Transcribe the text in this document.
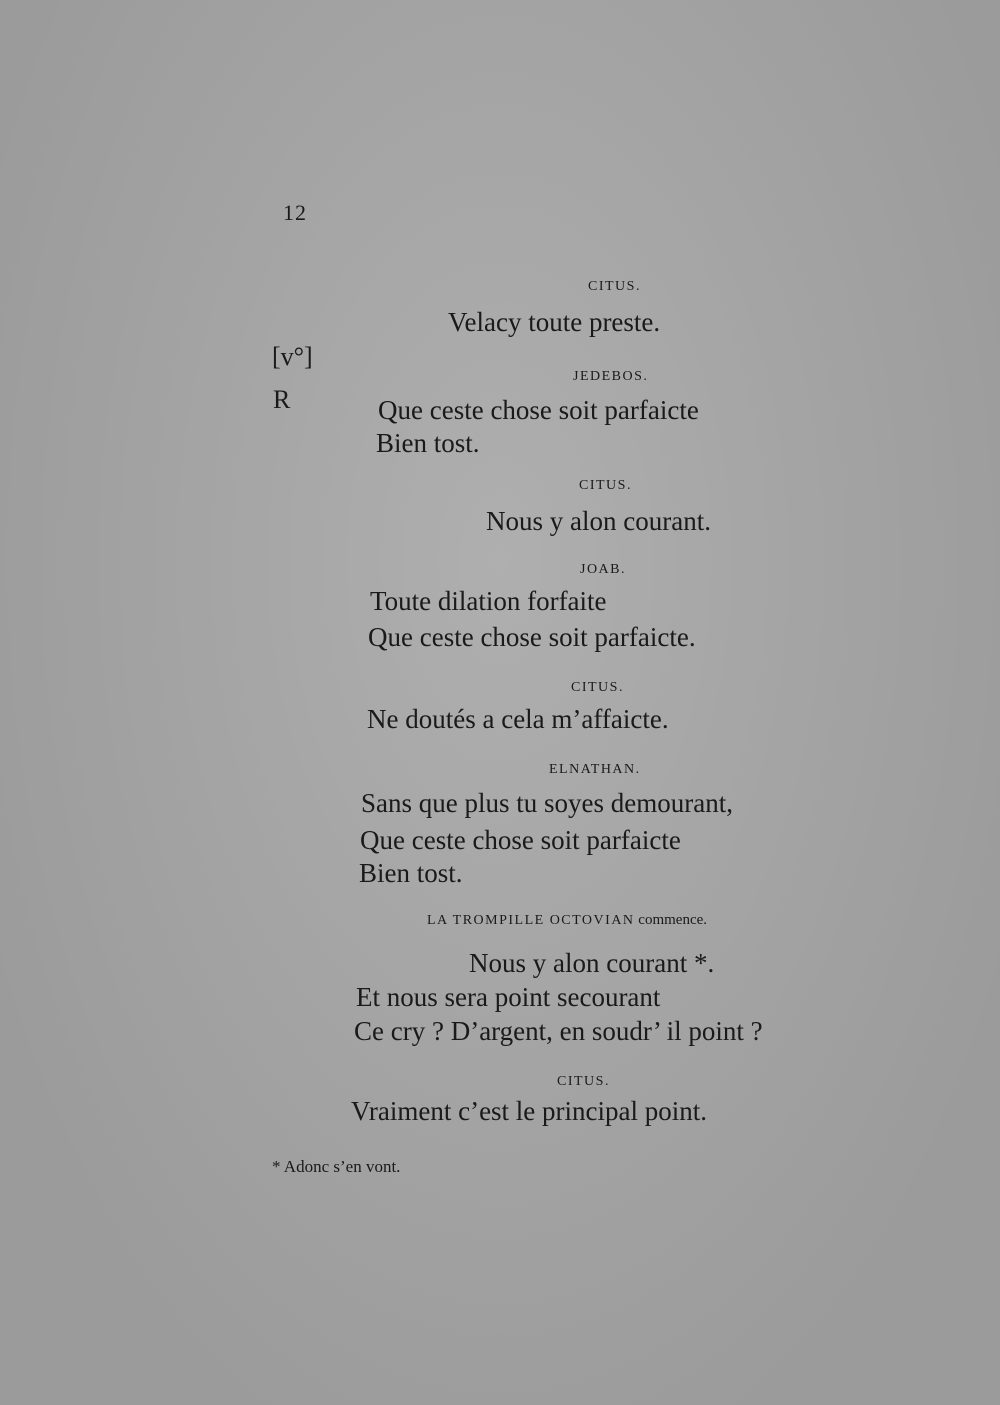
12
[v°]
R
CITUS.
Velacy toute preste.
JEDEBOS.
Que ceste chose soit parfaicte
Bien tost.
CITUS.
Nous y alon courant.
JOAB.
Toute dilation forfaite
Que ceste chose soit parfaicte.
CITUS.
Ne doutés a cela m’affaicte.
ELNATHAN.
Sans que plus tu soyes demourant,
Que ceste chose soit parfaicte
Bien tost.
LA TROMPILLE OCTOVIAN commence.
Nous y alon courant *.
Et nous sera point secourant
Ce cry ? D’argent, en soudr’ il point ?
CITUS.
Vraiment c’est le principal point.
* Adonc s’en vont.
